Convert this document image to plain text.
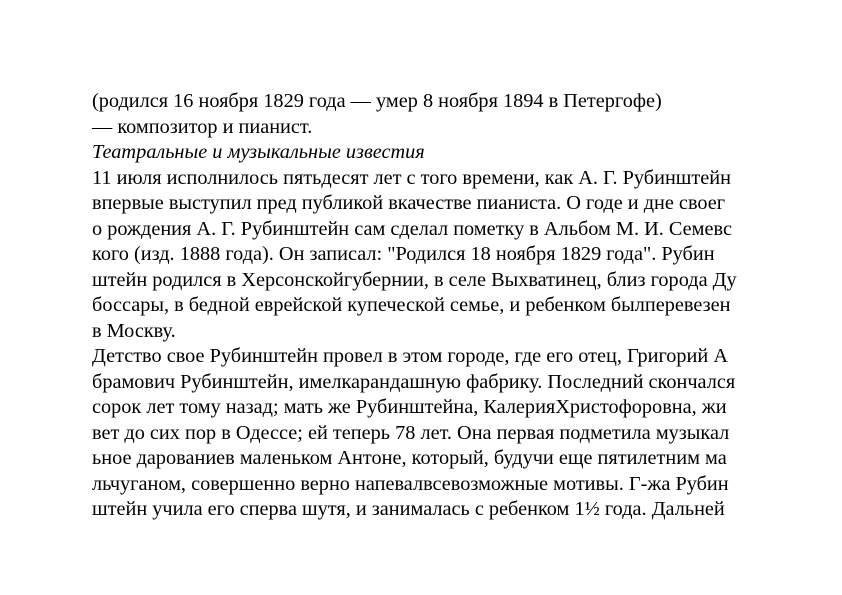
(родился 16 ноября 1829 года — умер 8 ноября 1894 в Петергофе)
— композитор и пианист.
Театральные и музыкальные известия
11 июля исполнилось пятьдесят лет с того времени, как А. Г. Рубинштейн
впервые выступил пред публикой вкачестве пианиста. О годе и дне своег
о рождения А. Г. Рубинштейн сам сделал пометку в Альбом М. И. Семевс
кого (изд. 1888 года). Он записал: "Родился 18 ноября 1829 года". Рубин
штейн родился в Херсонскойгубернии, в селе Выхватинец, близ города Ду
боссары, в бедной еврейской купеческой семье, и ребенком былперевезен
в Москву.
Детство свое Рубинштейн провел в этом городе, где его отец, Григорий А
брамович Рубинштейн, имелкарандашную фабрику. Последний скончался
сорок лет тому назад; мать же Рубинштейна, КалерияХристофоровна, жи
вет до сих пор в Одессе; ей теперь 78 лет. Она первая подметила музыкал
ьное дарованиев маленьком Антоне, который, будучи еще пятилетним ма
льчуганом, совершенно верно напевалвсевозможные мотивы. Г-жа Рубин
штейн учила его сперва шутя, и занималась с ребенком 1½ года. Дальней
